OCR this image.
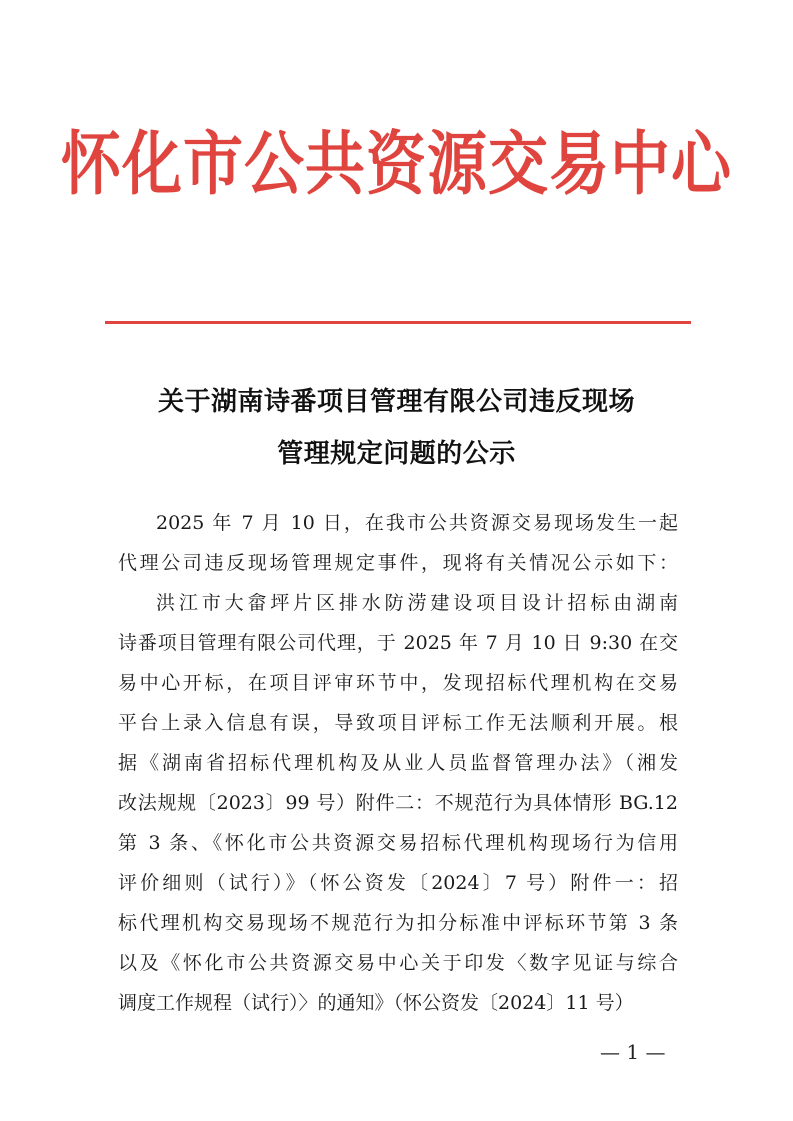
怀化市公共资源交易中心
关于湖南诗番项目管理有限公司违反现场
管理规定问题的公示
2025 年 7 月 10 日，在我市公共资源交易现场发生一起
代理公司违反现场管理规定事件，现将有关情况公示如下：
洪江市大畲坪片区排水防涝建设项目设计招标由湖南
诗番项目管理有限公司代理，于 2025 年 7 月 10 日 9:30 在交
易中心开标，在项目评审环节中，发现招标代理机构在交易
平台上录入信息有误，导致项目评标工作无法顺利开展。根
据《湖南省招标代理机构及从业人员监督管理办法》（湘发
改法规规〔2023〕99 号）附件二：不规范行为具体情形 BG.12
第 3 条、《怀化市公共资源交易招标代理机构现场行为信用
评价细则（试行）》（怀公资发〔2024〕7 号）附件一：招
标代理机构交易现场不规范行为扣分标准中评标环节第 3 条
以及《怀化市公共资源交易中心关于印发〈数字见证与综合
调度工作规程（试行）〉的通知》（怀公资发〔2024〕11 号）
— 1 —
